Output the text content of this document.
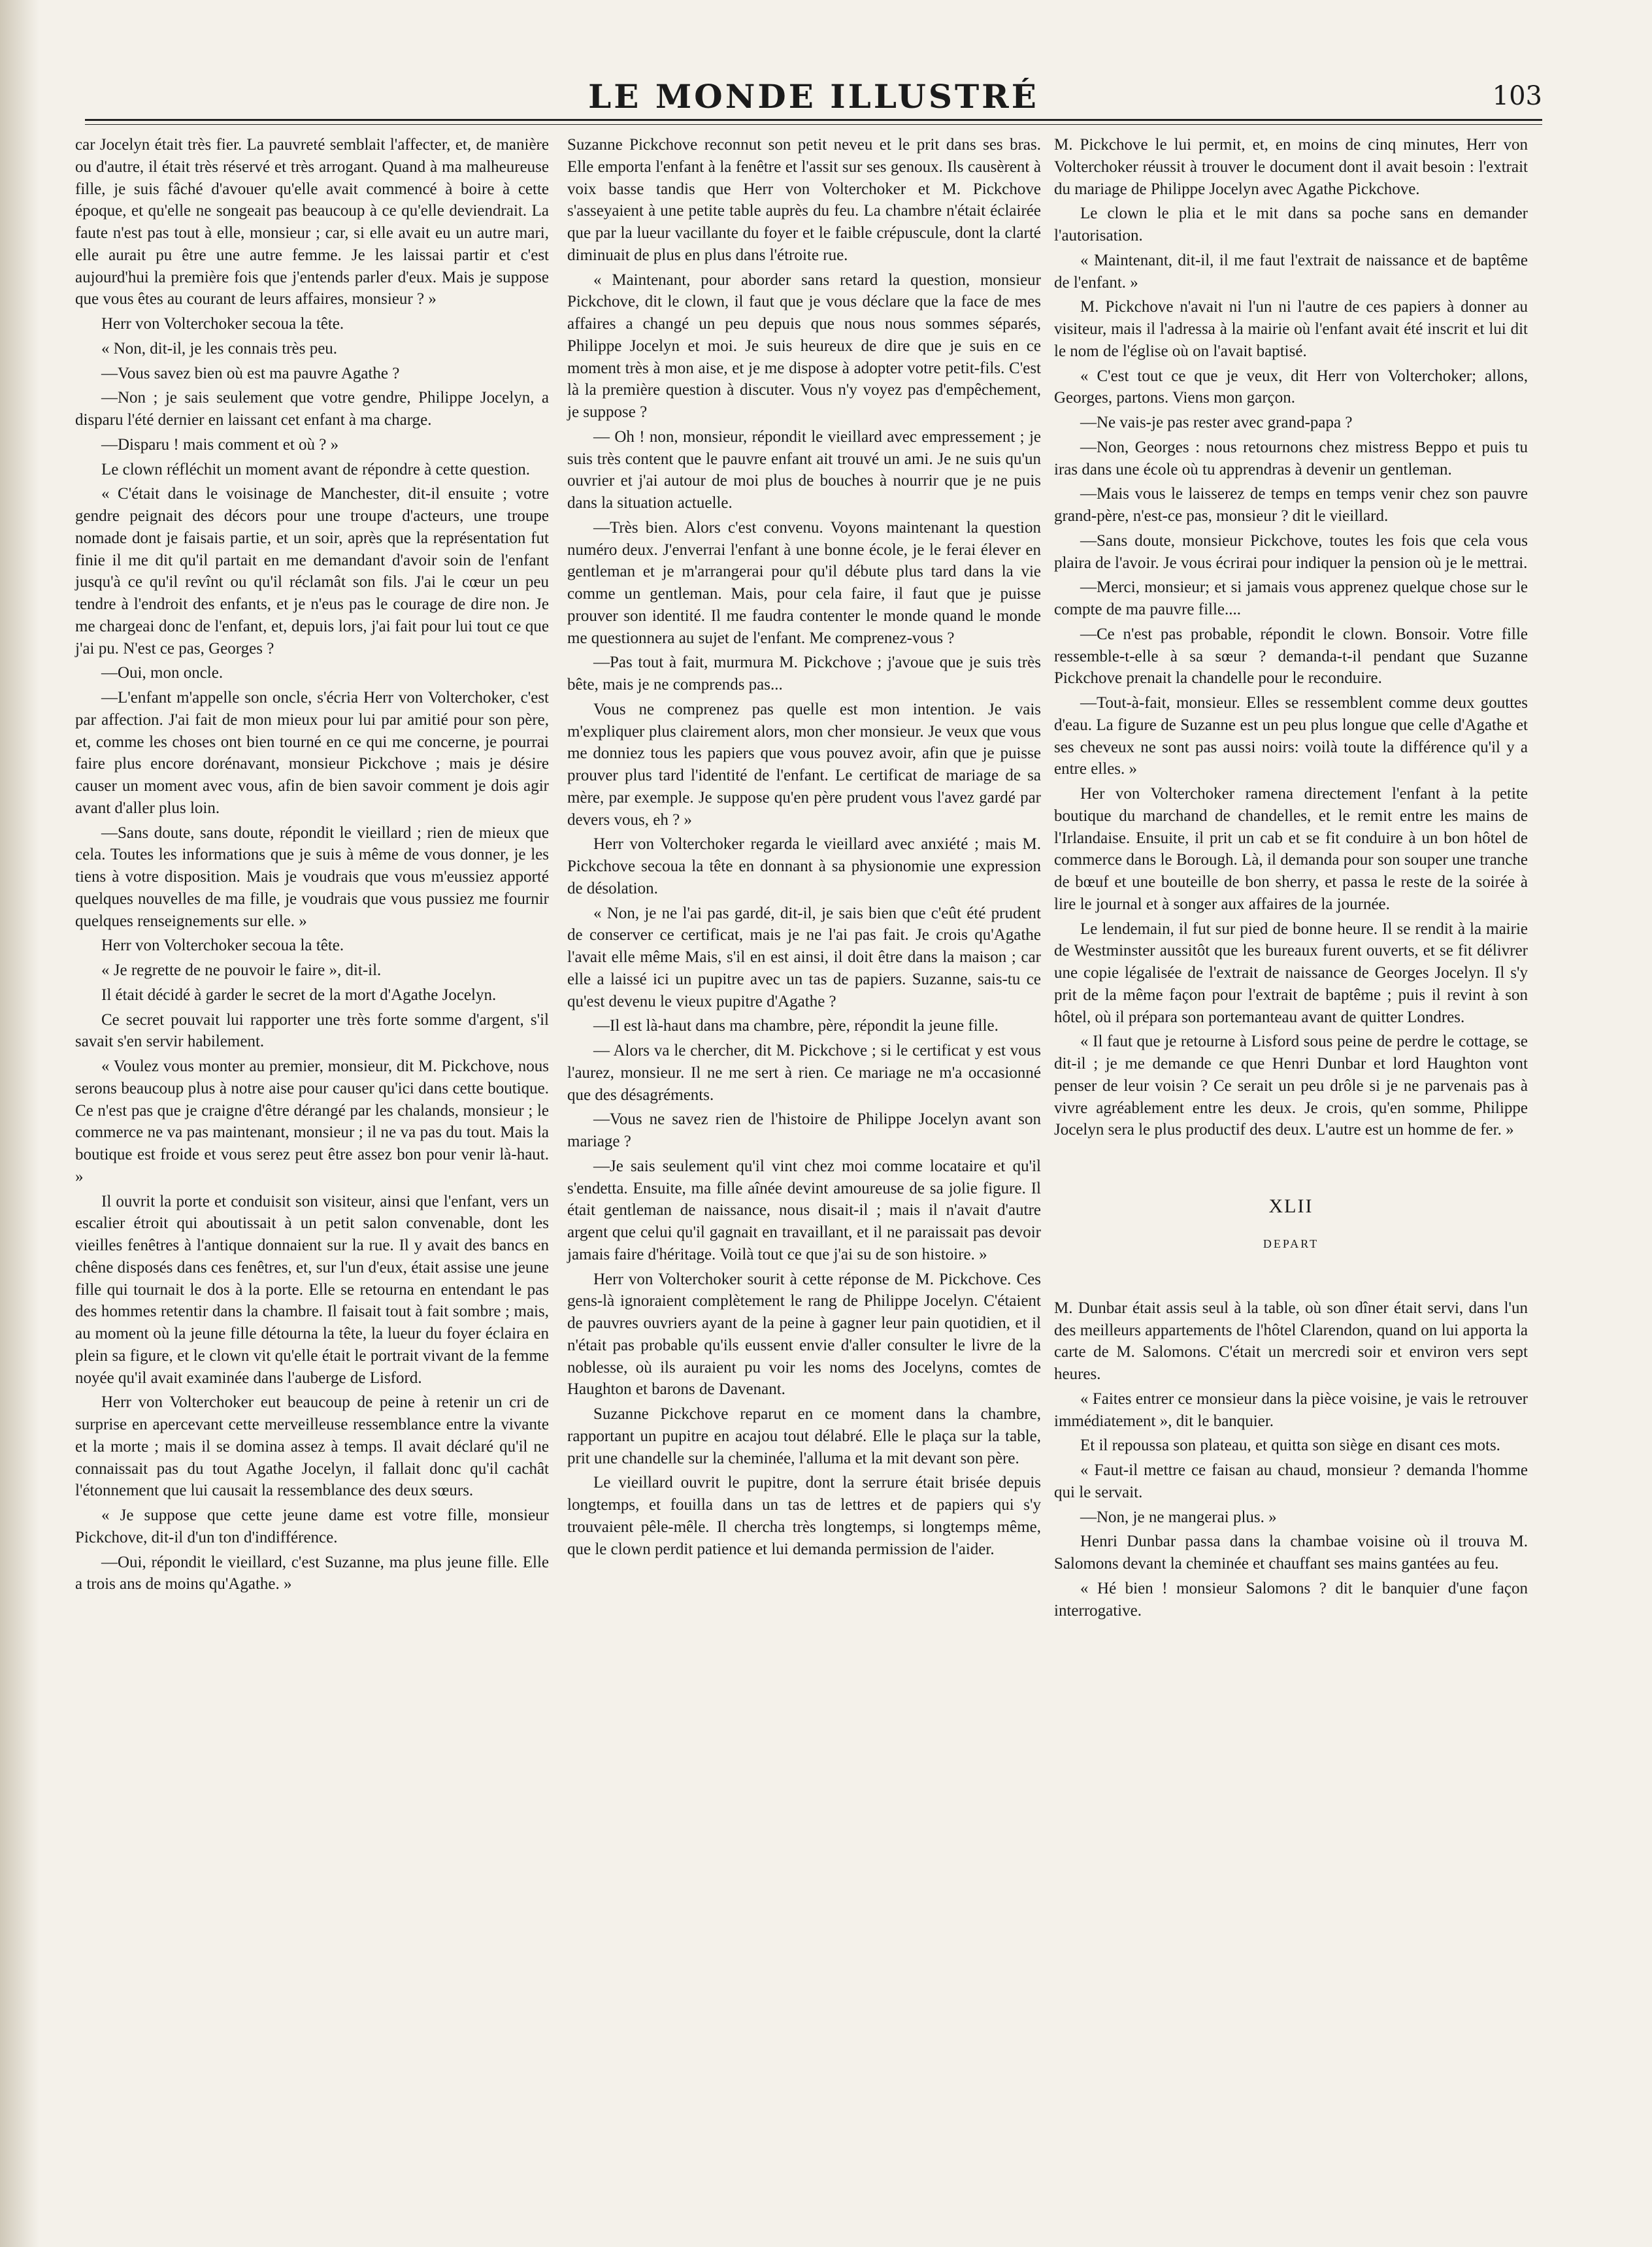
LE MONDE ILLUSTRÉ	103

car Jocelyn était très fier. La pauvreté semblait l'affecter, et, de manière ou d'autre, il était très réservé et très arrogant. Quand à ma malheureuse fille, je suis fâché d'avouer qu'elle avait commencé à boire à cette époque, et qu'elle ne songeait pas beaucoup à ce qu'elle deviendrait. La faute n'est pas tout à elle, monsieur ; car, si elle avait eu un autre mari, elle aurait pu être une autre femme. Je les laissai partir et c'est aujourd'hui la première fois que j'entends parler d'eux. Mais je suppose que vous êtes au courant de leurs affaires, monsieur ? »

Herr von Volterchoker secoua la tête.

« Non, dit-il, je les connais très peu.

—Vous savez bien où est ma pauvre Agathe ?

—Non ; je sais seulement que votre gendre, Philippe Jocelyn, a disparu l'été dernier en laissant cet enfant à ma charge.

—Disparu ! mais comment et où ? »

Le clown réfléchit un moment avant de répondre à cette question.

« C'était dans le voisinage de Manchester, dit-il ensuite ; votre gendre peignait des décors pour une troupe d'acteurs, une troupe nomade dont je faisais partie, et un soir, après que la représentation fut finie il me dit qu'il partait en me demandant d'avoir soin de l'enfant jusqu'à ce qu'il revînt ou qu'il réclamât son fils. J'ai le cœur un peu tendre à l'endroit des enfants, et je n'eus pas le courage de dire non. Je me chargeai donc de l'enfant, et, depuis lors, j'ai fait pour lui tout ce que j'ai pu. N'est ce pas, Georges ?

—Oui, mon oncle.

—L'enfant m'appelle son oncle, s'écria Herr von Volterchoker, c'est par affection. J'ai fait de mon mieux pour lui par amitié pour son père, et, comme les choses ont bien tourné en ce qui me concerne, je pourrai faire plus encore dorénavant, monsieur Pickchove ; mais je désire causer un moment avec vous, afin de bien savoir comment je dois agir avant d'aller plus loin.

—Sans doute, sans doute, répondit le vieillard ; rien de mieux que cela. Toutes les informations que je suis à même de vous donner, je les tiens à votre disposition. Mais je voudrais que vous m'eussiez apporté quelques nouvelles de ma fille, je voudrais que vous pussiez me fournir quelques renseignements sur elle. »

Herr von Volterchoker secoua la tête.

« Je regrette de ne pouvoir le faire », dit-il.

Il était décidé à garder le secret de la mort d'Agathe Jocelyn.

Ce secret pouvait lui rapporter une très forte somme d'argent, s'il savait s'en servir habilement.

« Voulez vous monter au premier, monsieur, dit M. Pickchove, nous serons beaucoup plus à notre aise pour causer qu'ici dans cette boutique. Ce n'est pas que je craigne d'être dérangé par les chalands, monsieur ; le commerce ne va pas maintenant, monsieur ; il ne va pas du tout. Mais la boutique est froide et vous serez peut être assez bon pour venir là-haut. »

Il ouvrit la porte et conduisit son visiteur, ainsi que l'enfant, vers un escalier étroit qui aboutissait à un petit salon convenable, dont les vieilles fenêtres à l'antique donnaient sur la rue. Il y avait des bancs en chêne disposés dans ces fenêtres, et, sur l'un d'eux, était assise une jeune fille qui tournait le dos à la porte. Elle se retourna en entendant le pas des hommes retentir dans la chambre. Il faisait tout à fait sombre ; mais, au moment où la jeune fille détourna la tête, la lueur du foyer éclaira en plein sa figure, et le clown vit qu'elle était le portrait vivant de la femme noyée qu'il avait examinée dans l'auberge de Lisford.

Herr von Volterchoker eut beaucoup de peine à retenir un cri de surprise en apercevant cette merveilleuse ressemblance entre la vivante et la morte ; mais il se domina assez à temps. Il avait déclaré qu'il ne connaissait pas du tout Agathe Jocelyn, il fallait donc qu'il cachât l'étonnement que lui causait la ressemblance des deux sœurs.

« Je suppose que cette jeune dame est votre fille, monsieur Pickchove, dit-il d'un ton d'indifférence.

—Oui, répondit le vieillard, c'est Suzanne, ma plus jeune fille. Elle a trois ans de moins qu'Agathe. »

Suzanne Pickchove reconnut son petit neveu et le prit dans ses bras. Elle emporta l'enfant à la fenêtre et l'assit sur ses genoux. Ils causèrent à voix basse tandis que Herr von Volterchoker et M. Pickchove s'asseyaient à une petite table auprès du feu. La chambre n'était éclairée que par la lueur vacillante du foyer et le faible crépuscule, dont la clarté diminuait de plus en plus dans l'étroite rue.

« Maintenant, pour aborder sans retard la question, monsieur Pickchove, dit le clown, il faut que je vous déclare que la face de mes affaires a changé un peu depuis que nous nous sommes séparés, Philippe Jocelyn et moi. Je suis heureux de dire que je suis en ce moment très à mon aise, et je me dispose à adopter votre petit-fils. C'est là la première question à discuter. Vous n'y voyez pas d'empêchement, je suppose ?

— Oh ! non, monsieur, répondit le vieillard avec empressement ; je suis très content que le pauvre enfant ait trouvé un ami. Je ne suis qu'un ouvrier et j'ai autour de moi plus de bouches à nourrir que je ne puis dans la situation actuelle.

—Très bien. Alors c'est convenu. Voyons maintenant la question numéro deux. J'enverrai l'enfant à une bonne école, je le ferai élever en gentleman et je m'arrangerai pour qu'il débute plus tard dans la vie comme un gentleman. Mais, pour cela faire, il faut que je puisse prouver son identité. Il me faudra contenter le monde quand le monde me questionnera au sujet de l'enfant. Me comprenez-vous ?

—Pas tout à fait, murmura M. Pickchove ; j'avoue que je suis très bête, mais je ne comprends pas...

Vous ne comprenez pas quelle est mon intention. Je vais m'expliquer plus clairement alors, mon cher monsieur. Je veux que vous me donniez tous les papiers que vous pouvez avoir, afin que je puisse prouver plus tard l'identité de l'enfant. Le certificat de mariage de sa mère, par exemple. Je suppose qu'en père prudent vous l'avez gardé par devers vous, eh ? »

Herr von Volterchoker regarda le vieillard avec anxiété ; mais M. Pickchove secoua la tête en donnant à sa physionomie une expression de désolation.

« Non, je ne l'ai pas gardé, dit-il, je sais bien que c'eût été prudent de conserver ce certificat, mais je ne l'ai pas fait. Je crois qu'Agathe l'avait elle même Mais, s'il en est ainsi, il doit être dans la maison ; car elle a laissé ici un pupitre avec un tas de papiers. Suzanne, sais-tu ce qu'est devenu le vieux pupitre d'Agathe ?

—Il est là-haut dans ma chambre, père, répondit la jeune fille.

— Alors va le chercher, dit M. Pickchove ; si le certificat y est vous l'aurez, monsieur. Il ne me sert à rien. Ce mariage ne m'a occasionné que des désagréments.

—Vous ne savez rien de l'histoire de Philippe Jocelyn avant son mariage ?

—Je sais seulement qu'il vint chez moi comme locataire et qu'il s'endetta. Ensuite, ma fille aînée devint amoureuse de sa jolie figure. Il était gentleman de naissance, nous disait-il ; mais il n'avait d'autre argent que celui qu'il gagnait en travaillant, et il ne paraissait pas devoir jamais faire d'héritage. Voilà tout ce que j'ai su de son histoire. »

Herr von Volterchoker sourit à cette réponse de M. Pickchove. Ces gens-là ignoraient complètement le rang de Philippe Jocelyn. C'étaient de pauvres ouvriers ayant de la peine à gagner leur pain quotidien, et il n'était pas probable qu'ils eussent envie d'aller consulter le livre de la noblesse, où ils auraient pu voir les noms des Jocelyns, comtes de Haughton et barons de Davenant.

Suzanne Pickchove reparut en ce moment dans la chambre, rapportant un pupitre en acajou tout délabré. Elle le plaça sur la table, prit une chandelle sur la cheminée, l'alluma et la mit devant son père.

Le vieillard ouvrit le pupitre, dont la serrure était brisée depuis longtemps, et fouilla dans un tas de lettres et de papiers qui s'y trouvaient pêle-mêle. Il chercha très longtemps, si longtemps même, que le clown perdit patience et lui demanda permission de l'aider.

M. Pickchove le lui permit, et, en moins de cinq minutes, Herr von Volterchoker réussit à trouver le document dont il avait besoin : l'extrait du mariage de Philippe Jocelyn avec Agathe Pickchove.

Le clown le plia et le mit dans sa poche sans en demander l'autorisation.

« Maintenant, dit-il, il me faut l'extrait de naissance et de baptême de l'enfant. »

M. Pickchove n'avait ni l'un ni l'autre de ces papiers à donner au visiteur, mais il l'adressa à la mairie où l'enfant avait été inscrit et lui dit le nom de l'église où on l'avait baptisé.

« C'est tout ce que je veux, dit Herr von Volterchoker; allons, Georges, partons. Viens mon garçon.

—Ne vais-je pas rester avec grand-papa ?

—Non, Georges : nous retournons chez mistress Beppo et puis tu iras dans une école où tu apprendras à devenir un gentleman.

—Mais vous le laisserez de temps en temps venir chez son pauvre grand-père, n'est-ce pas, monsieur ? dit le vieillard.

—Sans doute, monsieur Pickchove, toutes les fois que cela vous plaira de l'avoir. Je vous écrirai pour indiquer la pension où je le mettrai.

—Merci, monsieur; et si jamais vous apprenez quelque chose sur le compte de ma pauvre fille....

—Ce n'est pas probable, répondit le clown. Bonsoir. Votre fille ressemble-t-elle à sa sœur ? demanda-t-il pendant que Suzanne Pickchove prenait la chandelle pour le reconduire.

—Tout-à-fait, monsieur. Elles se ressemblent comme deux gouttes d'eau. La figure de Suzanne est un peu plus longue que celle d'Agathe et ses cheveux ne sont pas aussi noirs: voilà toute la différence qu'il y a entre elles. »

Her von Volterchoker ramena directement l'enfant à la petite boutique du marchand de chandelles, et le remit entre les mains de l'Irlandaise. Ensuite, il prit un cab et se fit conduire à un bon hôtel de commerce dans le Borough. Là, il demanda pour son souper une tranche de bœuf et une bouteille de bon sherry, et passa le reste de la soirée à lire le journal et à songer aux affaires de la journée.

Le lendemain, il fut sur pied de bonne heure. Il se rendit à la mairie de Westminster aussitôt que les bureaux furent ouverts, et se fit délivrer une copie légalisée de l'extrait de naissance de Georges Jocelyn. Il s'y prit de la même façon pour l'extrait de baptême ; puis il revint à son hôtel, où il prépara son portemanteau avant de quitter Londres.

« Il faut que je retourne à Lisford sous peine de perdre le cottage, se dit-il ; je me demande ce que Henri Dunbar et lord Haughton vont penser de leur voisin ? Ce serait un peu drôle si je ne parvenais pas à vivre agréablement entre les deux. Je crois, qu'en somme, Philippe Jocelyn sera le plus productif des deux. L'autre est un homme de fer. »

XLII
DEPART

M. Dunbar était assis seul à la table, où son dîner était servi, dans l'un des meilleurs appartements de l'hôtel Clarendon, quand on lui apporta la carte de M. Salomons. C'était un mercredi soir et environ vers sept heures.

« Faites entrer ce monsieur dans la pièce voisine, je vais le retrouver immédiatement », dit le banquier.

Et il repoussa son plateau, et quitta son siège en disant ces mots.

« Faut-il mettre ce faisan au chaud, monsieur ? demanda l'homme qui le servait.

—Non, je ne mangerai plus. »

Henri Dunbar passa dans la chambae voisine où il trouva M. Salomons devant la cheminée et chauffant ses mains gantées au feu.

« Hé bien ! monsieur Salomons ? dit le banquier d'une façon interrogative.
